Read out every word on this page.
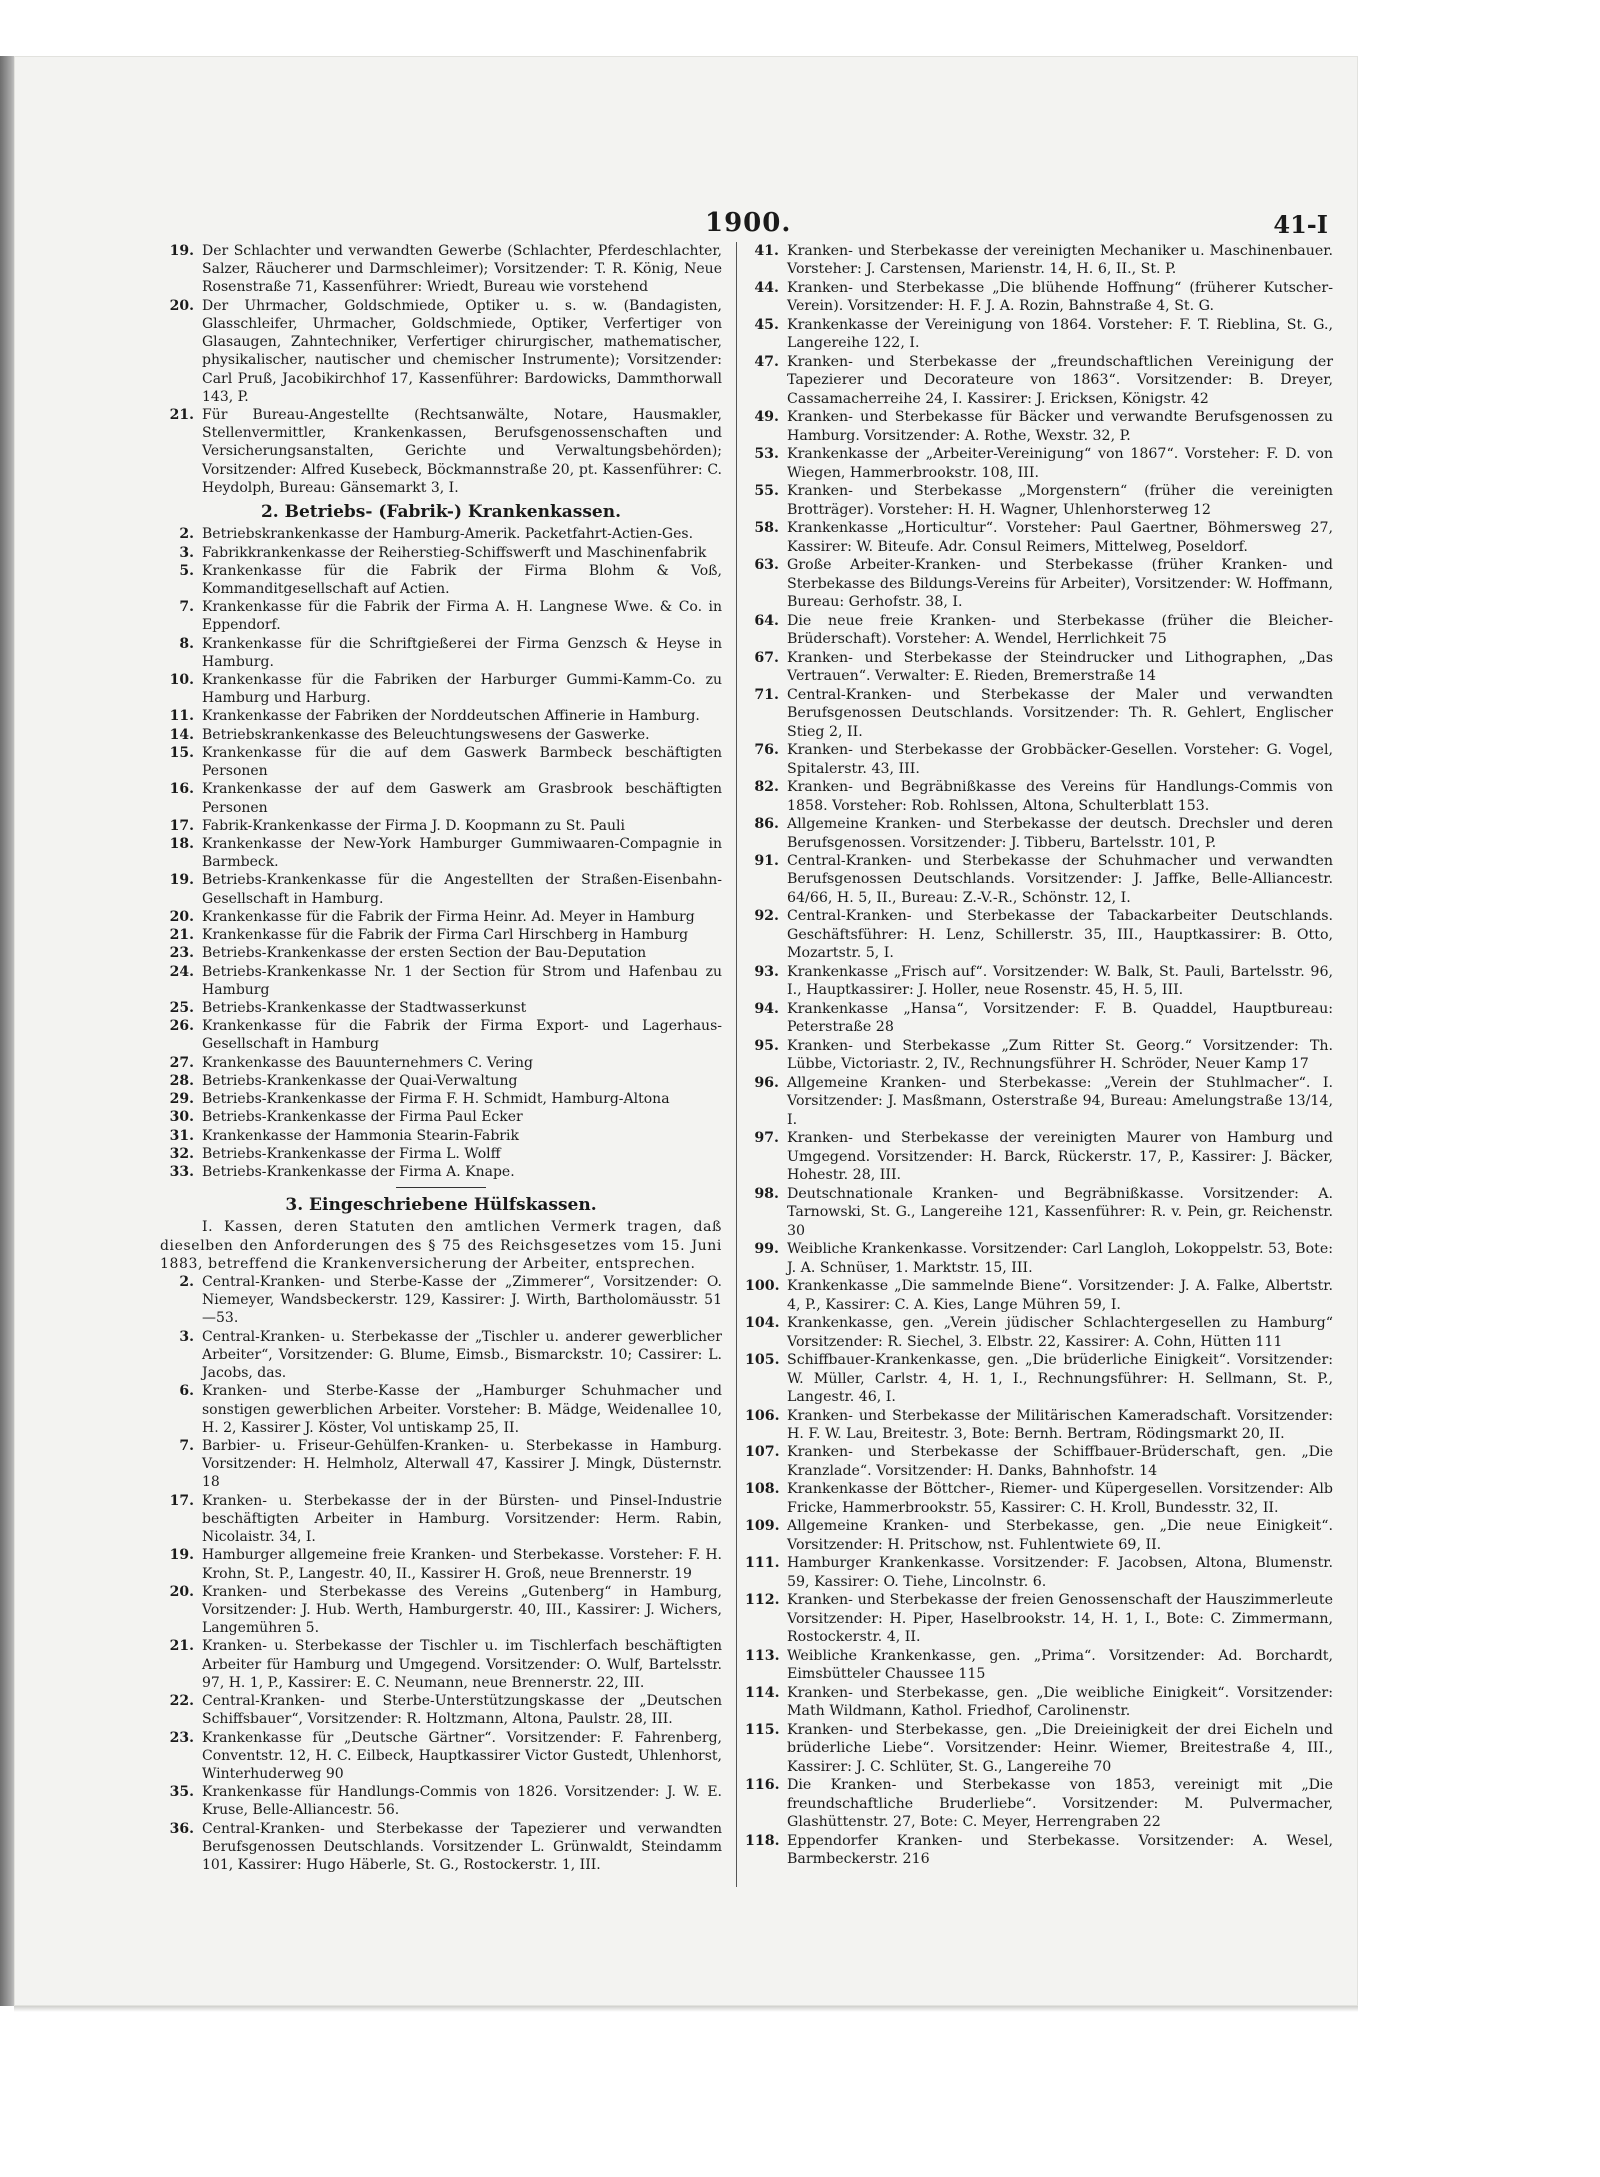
1900.	41-I
19. Der Schlachter und verwandten Gewerbe (Schlachter, Pferdeschlachter, Salzer, Räucherer und Darmschleimer); Vorsitzender: T. R. König, Neue Rosenstraße 71, Kassenführer: Wriedt, Bureau wie vorstehend
20. Der Uhrmacher, Goldschmiede, Optiker u. s. w. (Bandagisten, Glasschleifer, Uhrmacher, Goldschmiede, Optiker, Verfertiger von Glasaugen, Zahntechniker, Verfertiger chirurgischer, mathematischer, physikalischer, nautischer und chemischer Instrumente); Vorsitzender: Carl Pruß, Jacobikirchhof 17, Kassenführer: Bardowicks, Dammthorwall 143, P.
21. Für Bureau-Angestellte (Rechtsanwälte, Notare, Hausmakler, Stellenvermittler, Krankenkassen, Berufsgenossenschaften und Versicherungsanstalten, Gerichte und Verwaltungsbehörden); Vorsitzender: Alfred Kusebeck, Böckmannstraße 20, pt. Kassenführer: C. Heydolph, Bureau: Gänsemarkt 3, I.
2. Betriebs- (Fabrik-) Krankenkassen.
2. Betriebskrankenkasse der Hamburg-Amerik. Packetfahrt-Actien-Ges.
3. Fabrikkrankenkasse der Reiherstieg-Schiffswerft und Maschinenfabrik
5. Krankenkasse für die Fabrik der Firma Blohm & Voß, Kommanditgesellschaft auf Actien.
7. Krankenkasse für die Fabrik der Firma A. H. Langnese Wwe. & Co. in Eppendorf.
8. Krankenkasse für die Schriftgießerei der Firma Genzsch & Heyse in Hamburg.
10. Krankenkasse für die Fabriken der Harburger Gummi-Kamm-Co. zu Hamburg und Harburg.
11. Krankenkasse der Fabriken der Norddeutschen Affinerie in Hamburg.
14. Betriebskrankenkasse des Beleuchtungswesens der Gaswerke.
15. Krankenkasse für die auf dem Gaswerk Barmbeck beschäftigten Personen
16. Krankenkasse der auf dem Gaswerk am Grasbrook beschäftigten Personen
17. Fabrik-Krankenkasse der Firma J. D. Koopmann zu St. Pauli
18. Krankenkasse der New-York Hamburger Gummiwaaren-Compagnie in Barmbeck.
19. Betriebs-Krankenkasse für die Angestellten der Straßen-Eisenbahn-Gesellschaft in Hamburg.
20. Krankenkasse für die Fabrik der Firma Heinr. Ad. Meyer in Hamburg
21. Krankenkasse für die Fabrik der Firma Carl Hirschberg in Hamburg
23. Betriebs-Krankenkasse der ersten Section der Bau-Deputation
24. Betriebs-Krankenkasse Nr. 1 der Section für Strom und Hafenbau zu Hamburg
25. Betriebs-Krankenkasse der Stadtwasserkunst
26. Krankenkasse für die Fabrik der Firma Export- und Lagerhaus-Gesellschaft in Hamburg
27. Krankenkasse des Bauunternehmers C. Vering
28. Betriebs-Krankenkasse der Quai-Verwaltung
29. Betriebs-Krankenkasse der Firma F. H. Schmidt, Hamburg-Altona
30. Betriebs-Krankenkasse der Firma Paul Ecker
31. Krankenkasse der Hammonia Stearin-Fabrik
32. Betriebs-Krankenkasse der Firma L. Wolff
33. Betriebs-Krankenkasse der Firma A. Knape.
3. Eingeschriebene Hülfskassen.
I. Kassen, deren Statuten den amtlichen Vermerk tragen, daß dieselben den Anforderungen des § 75 des Reichsgesetzes vom 15. Juni 1883, betreffend die Krankenversicherung der Arbeiter, entsprechen.
2. Central-Kranken- und Sterbe-Kasse der „Zimmerer“, Vorsitzender: O. Niemeyer, Wandsbeckerstr. 129, Kassirer: J. Wirth, Bartholomäusstr. 51—53.
3. Central-Kranken- u. Sterbekasse der „Tischler u. anderer gewerblicher Arbeiter“, Vorsitzender: G. Blume, Eimsb., Bismarckstr. 10; Cassirer: L. Jacobs, das.
6. Kranken- und Sterbe-Kasse der „Hamburger Schuhmacher und sonstigen gewerblichen Arbeiter. Vorsteher: B. Mädge, Weidenallee 10, H. 2, Kassirer J. Köster, Vol untiskamp 25, II.
7. Barbier- u. Friseur-Gehülfen-Kranken- u. Sterbekasse in Hamburg. Vorsitzender: H. Helmholz, Alterwall 47, Kassirer J. Mingk, Düsternstr. 18
17. Kranken- u. Sterbekasse der in der Bürsten- und Pinsel-Industrie beschäftigten Arbeiter in Hamburg. Vorsitzender: Herm. Rabin, Nicolaistr. 34, I.
19. Hamburger allgemeine freie Kranken- und Sterbekasse. Vorsteher: F. H. Krohn, St. P., Langestr. 40, II., Kassirer H. Groß, neue Brennerstr. 19
20. Kranken- und Sterbekasse des Vereins „Gutenberg“ in Hamburg, Vorsitzender: J. Hub. Werth, Hamburgerstr. 40, III., Kassirer: J. Wichers, Langemühren 5.
21. Kranken- u. Sterbekasse der Tischler u. im Tischlerfach beschäftigten Arbeiter für Hamburg und Umgegend. Vorsitzender: O. Wulf, Bartelsstr. 97, H. 1, P., Kassirer: E. C. Neumann, neue Brennerstr. 22, III.
22. Central-Kranken- und Sterbe-Unterstützungskasse der „Deutschen Schiffsbauer“, Vorsitzender: R. Holtzmann, Altona, Paulstr. 28, III.
23. Krankenkasse für „Deutsche Gärtner“. Vorsitzender: F. Fahrenberg, Conventstr. 12, H. C. Eilbeck, Hauptkassirer Victor Gustedt, Uhlenhorst, Winterhuderweg 90
35. Krankenkasse für Handlungs-Commis von 1826. Vorsitzender: J. W. E. Kruse, Belle-Alliancestr. 56.
36. Central-Kranken- und Sterbekasse der Tapezierer und verwandten Berufsgenossen Deutschlands. Vorsitzender L. Grünwaldt, Steindamm 101, Kassirer: Hugo Häberle, St. G., Rostockerstr. 1, III.
41. Kranken- und Sterbekasse der vereinigten Mechaniker u. Maschinenbauer. Vorsteher: J. Carstensen, Marienstr. 14, H. 6, II., St. P.
44. Kranken- und Sterbekasse „Die blühende Hoffnung“ (früherer Kutscher-Verein). Vorsitzender: H. F. J. A. Rozin, Bahnstraße 4, St. G.
45. Krankenkasse der Vereinigung von 1864. Vorsteher: F. T. Rieblina, St. G., Langereihe 122, I.
47. Kranken- und Sterbekasse der „freundschaftlichen Vereinigung der Tapezierer und Decorateure von 1863“. Vorsitzender: B. Dreyer, Cassamacherreihe 24, I. Kassirer: J. Ericksen, Königstr. 42
49. Kranken- und Sterbekasse für Bäcker und verwandte Berufsgenossen zu Hamburg. Vorsitzender: A. Rothe, Wexstr. 32, P.
53. Krankenkasse der „Arbeiter-Vereinigung“ von 1867“. Vorsteher: F. D. von Wiegen, Hammerbrookstr. 108, III.
55. Kranken- und Sterbekasse „Morgenstern“ (früher die vereinigten Brotträger). Vorsteher: H. H. Wagner, Uhlenhorsterweg 12
58. Krankenkasse „Horticultur“. Vorsteher: Paul Gaertner, Böhmersweg 27, Kassirer: W. Biteufe. Adr. Consul Reimers, Mittelweg, Poseldorf.
63. Große Arbeiter-Kranken- und Sterbekasse (früher Kranken- und Sterbekasse des Bildungs-Vereins für Arbeiter), Vorsitzender: W. Hoffmann, Bureau: Gerhofstr. 38, I.
64. Die neue freie Kranken- und Sterbekasse (früher die Bleicher-Brüderschaft). Vorsteher: A. Wendel, Herrlichkeit 75
67. Kranken- und Sterbekasse der Steindrucker und Lithographen, „Das Vertrauen“. Verwalter: E. Rieden, Bremerstraße 14
71. Central-Kranken- und Sterbekasse der Maler und verwandten Berufsgenossen Deutschlands. Vorsitzender: Th. R. Gehlert, Englischer Stieg 2, II.
76. Kranken- und Sterbekasse der Grobbäcker-Gesellen. Vorsteher: G. Vogel, Spitalerstr. 43, III.
82. Kranken- und Begräbnißkasse des Vereins für Handlungs-Commis von 1858. Vorsteher: Rob. Rohlssen, Altona, Schulterblatt 153.
86. Allgemeine Kranken- und Sterbekasse der deutsch. Drechsler und deren Berufsgenossen. Vorsitzender: J. Tibberu, Bartelsstr. 101, P.
91. Central-Kranken- und Sterbekasse der Schuhmacher und verwandten Berufsgenossen Deutschlands. Vorsitzender: J. Jaffke, Belle-Alliancestr. 64/66, H. 5, II., Bureau: Z.-V.-R., Schönstr. 12, I.
92. Central-Kranken- und Sterbekasse der Tabackarbeiter Deutschlands. Geschäftsführer: H. Lenz, Schillerstr. 35, III., Hauptkassirer: B. Otto, Mozartstr. 5, I.
93. Krankenkasse „Frisch auf“. Vorsitzender: W. Balk, St. Pauli, Bartelsstr. 96, I., Hauptkassirer: J. Holler, neue Rosenstr. 45, H. 5, III.
94. Krankenkasse „Hansa“, Vorsitzender: F. B. Quaddel, Hauptbureau: Peterstraße 28
95. Kranken- und Sterbekasse „Zum Ritter St. Georg.“ Vorsitzender: Th. Lübbe, Victoriastr. 2, IV., Rechnungsführer H. Schröder, Neuer Kamp 17
96. Allgemeine Kranken- und Sterbekasse: „Verein der Stuhlmacher“. I. Vorsitzender: J. Masßmann, Osterstraße 94, Bureau: Amelungstraße 13/14, I.
97. Kranken- und Sterbekasse der vereinigten Maurer von Hamburg und Umgegend. Vorsitzender: H. Barck, Rückerstr. 17, P., Kassirer: J. Bäcker, Hohestr. 28, III.
98. Deutschnationale Kranken- und Begräbnißkasse. Vorsitzender: A. Tarnowski, St. G., Langereihe 121, Kassenführer: R. v. Pein, gr. Reichenstr. 30
99. Weibliche Krankenkasse. Vorsitzender: Carl Langloh, Lokoppelstr. 53, Bote: J. A. Schnüser, 1. Marktstr. 15, III.
100. Krankenkasse „Die sammelnde Biene“. Vorsitzender: J. A. Falke, Albertstr. 4, P., Kassirer: C. A. Kies, Lange Mühren 59, I.
104. Krankenkasse, gen. „Verein jüdischer Schlachtergesellen zu Hamburg“ Vorsitzender: R. Siechel, 3. Elbstr. 22, Kassirer: A. Cohn, Hütten 111
105. Schiffbauer-Krankenkasse, gen. „Die brüderliche Einigkeit“. Vorsitzender: W. Müller, Carlstr. 4, H. 1, I., Rechnungsführer: H. Sellmann, St. P., Langestr. 46, I.
106. Kranken- und Sterbekasse der Militärischen Kameradschaft. Vorsitzender: H. F. W. Lau, Breitestr. 3, Bote: Bernh. Bertram, Rödingsmarkt 20, II.
107. Kranken- und Sterbekasse der Schiffbauer-Brüderschaft, gen. „Die Kranzlade“. Vorsitzender: H. Danks, Bahnhofstr. 14
108. Krankenkasse der Böttcher-, Riemer- und Küpergesellen. Vorsitzender: Alb Fricke, Hammerbrookstr. 55, Kassirer: C. H. Kroll, Bundesstr. 32, II.
109. Allgemeine Kranken- und Sterbekasse, gen. „Die neue Einigkeit“. Vorsitzender: H. Pritschow, nst. Fuhlentwiete 69, II.
111. Hamburger Krankenkasse. Vorsitzender: F. Jacobsen, Altona, Blumenstr. 59, Kassirer: O. Tiehe, Lincolnstr. 6.
112. Kranken- und Sterbekasse der freien Genossenschaft der Hauszimmerleute Vorsitzender: H. Piper, Haselbrookstr. 14, H. 1, I., Bote: C. Zimmermann, Rostockerstr. 4, II.
113. Weibliche Krankenkasse, gen. „Prima“. Vorsitzender: Ad. Borchardt, Eimsbütteler Chaussee 115
114. Kranken- und Sterbekasse, gen. „Die weibliche Einigkeit“. Vorsitzender: Math Wildmann, Kathol. Friedhof, Carolinenstr.
115. Kranken- und Sterbekasse, gen. „Die Dreieinigkeit der drei Eicheln und brüderliche Liebe“. Vorsitzender: Heinr. Wiemer, Breitestraße 4, III., Kassirer: J. C. Schlüter, St. G., Langereihe 70
116. Die Kranken- und Sterbekasse von 1853, vereinigt mit „Die freundschaftliche Bruderliebe“. Vorsitzender: M. Pulvermacher, Glashüttenstr. 27, Bote: C. Meyer, Herrengraben 22
118. Eppendorfer Kranken- und Sterbekasse. Vorsitzender: A. Wesel, Barmbeckerstr. 216
